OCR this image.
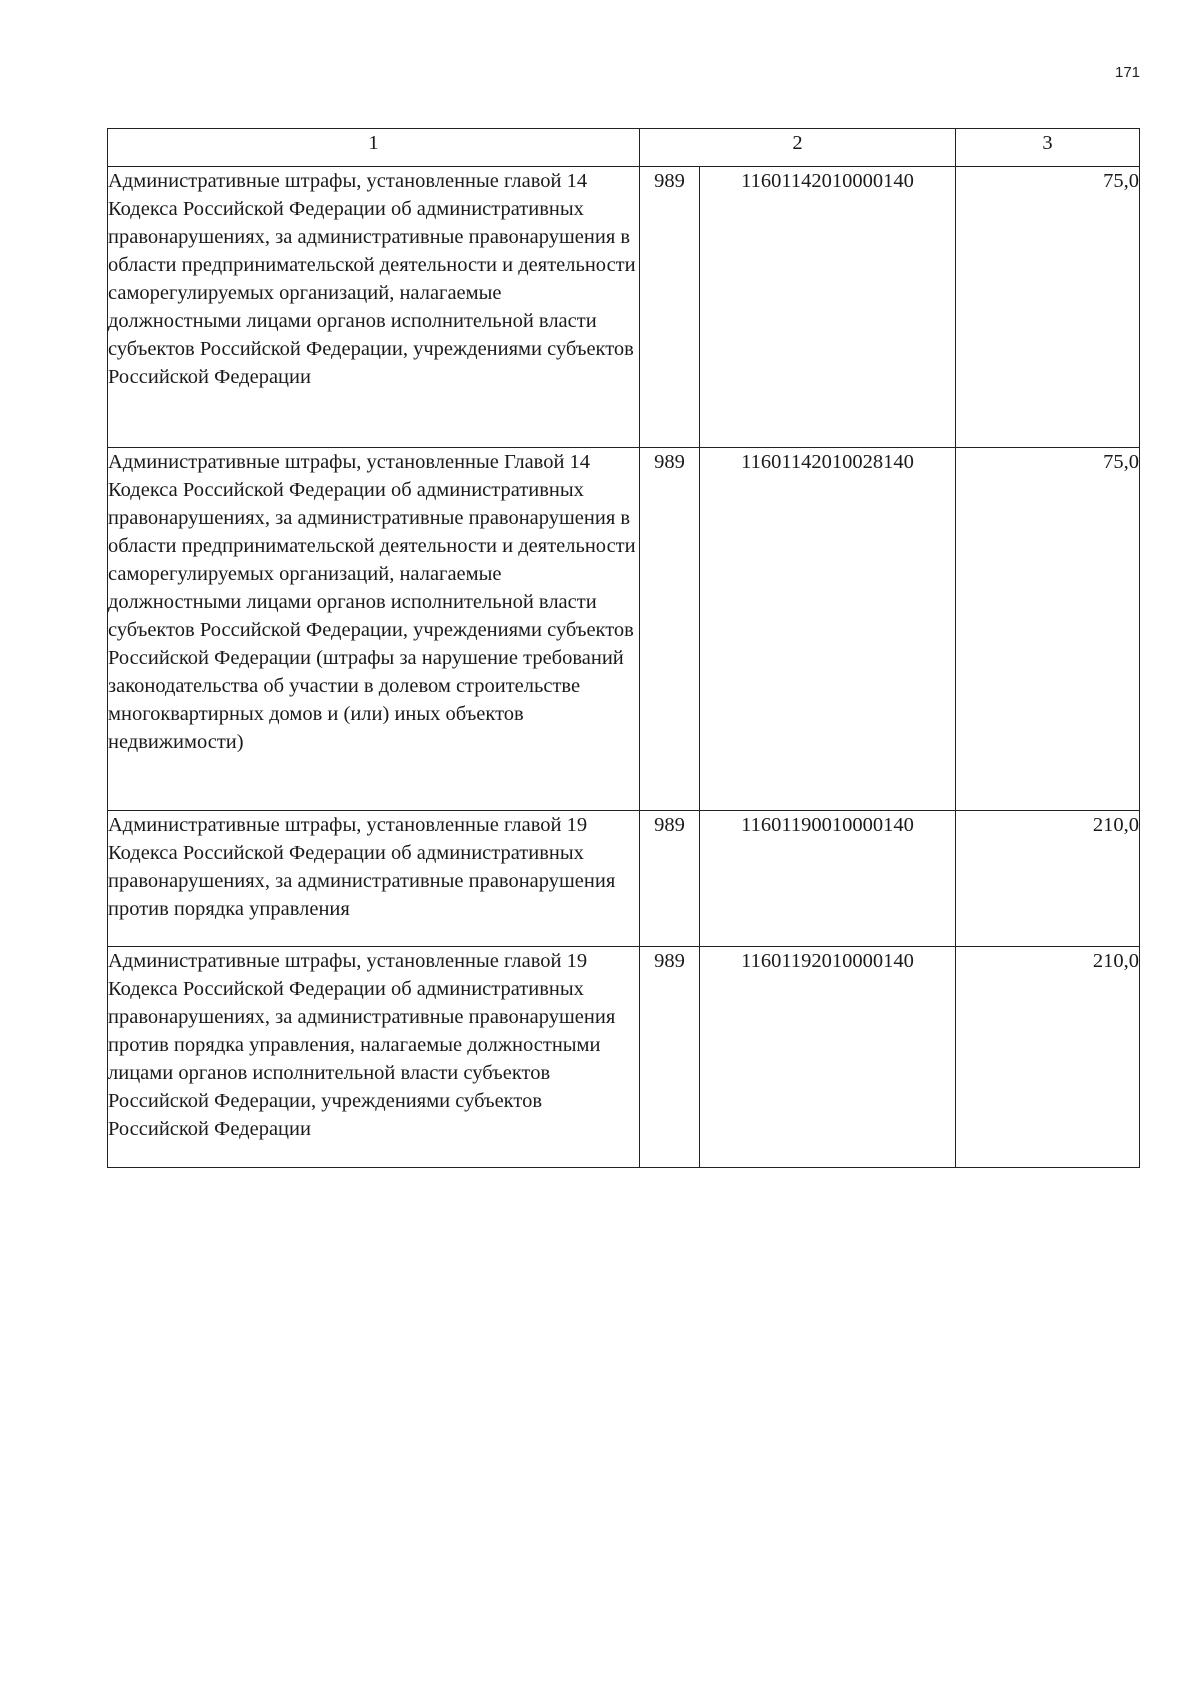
171
1	2		3
Административные штрафы, установленные главой 14 Кодекса Российской Федерации об административных правонарушениях, за административные правонарушения в области предпринимательской деятельности и деятельности саморегулируемых организаций, налагаемые должностными лицами органов исполнительной власти субъектов Российской Федерации, учреждениями субъектов Российской Федерации	989	11601142010000140	75,0
Административные штрафы, установленные Главой 14 Кодекса Российской Федерации об административных правонарушениях, за административные правонарушения в области предпринимательской деятельности и деятельности саморегулируемых организаций, налагаемые должностными лицами органов исполнительной власти субъектов Российской Федерации, учреждениями субъектов Российской Федерации (штрафы за нарушение требований законодательства об участии в долевом строительстве многоквартирных домов и (или) иных объектов недвижимости)	989	11601142010028140	75,0
Административные штрафы, установленные главой 19 Кодекса Российской Федерации об административных правонарушениях, за административные правонарушения против порядка управления	989	11601190010000140	210,0
Административные штрафы, установленные главой 19 Кодекса Российской Федерации об административных правонарушениях, за административные правонарушения против порядка управления, налагаемые должностными лицами органов исполнительной власти субъектов Российской Федерации, учреждениями субъектов Российской Федерации	989	11601192010000140	210,0
